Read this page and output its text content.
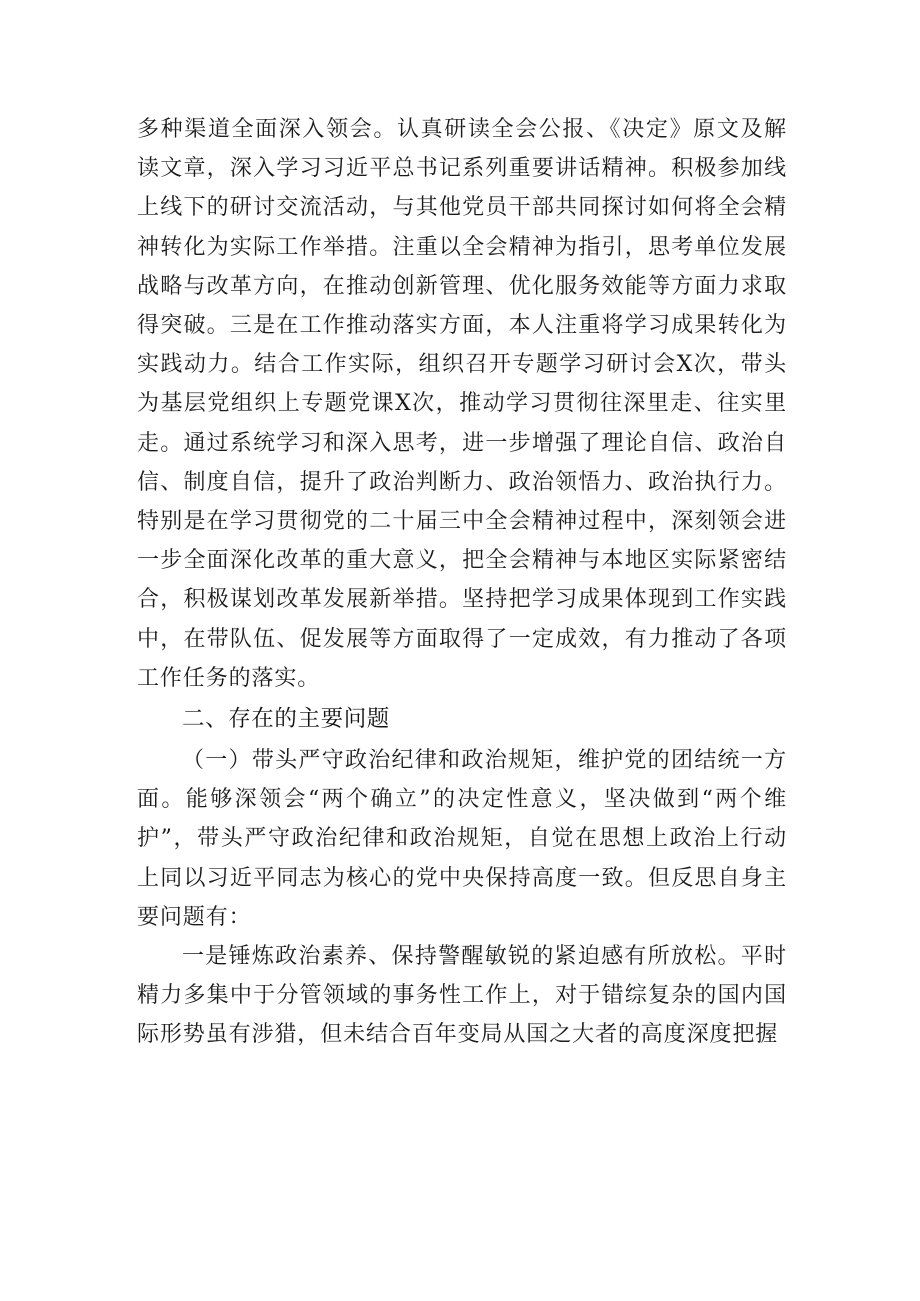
多种渠道全面深入领会。认真研读全会公报、《决定》原文及解读文章，深入学习习近平总书记系列重要讲话精神。积极参加线上线下的研讨交流活动，与其他党员干部共同探讨如何将全会精神转化为实际工作举措。注重以全会精神为指引，思考单位发展战略与改革方向，在推动创新管理、优化服务效能等方面力求取得突破。三是在工作推动落实方面，本人注重将学习成果转化为实践动力。结合工作实际，组织召开专题学习研讨会X次，带头为基层党组织上专题党课X次，推动学习贯彻往深里走、往实里走。通过系统学习和深入思考，进一步增强了理论自信、政治自信、制度自信，提升了政治判断力、政治领悟力、政治执行力。特别是在学习贯彻党的二十届三中全会精神过程中，深刻领会进一步全面深化改革的重大意义，把全会精神与本地区实际紧密结合，积极谋划改革发展新举措。坚持把学习成果体现到工作实践中，在带队伍、促发展等方面取得了一定成效，有力推动了各项工作任务的落实。

二、存在的主要问题

（一）带头严守政治纪律和政治规矩，维护党的团结统一方面。能够深领会“两个确立”的决定性意义，坚决做到“两个维护”，带头严守政治纪律和政治规矩，自觉在思想上政治上行动上同以习近平同志为核心的党中央保持高度一致。但反思自身主要问题有：

一是锤炼政治素养、保持警醒敏锐的紧迫感有所放松。平时精力多集中于分管领域的事务性工作上，对于错综复杂的国内国际形势虽有涉猎，但未结合百年变局从国之大者的高度深度把握
